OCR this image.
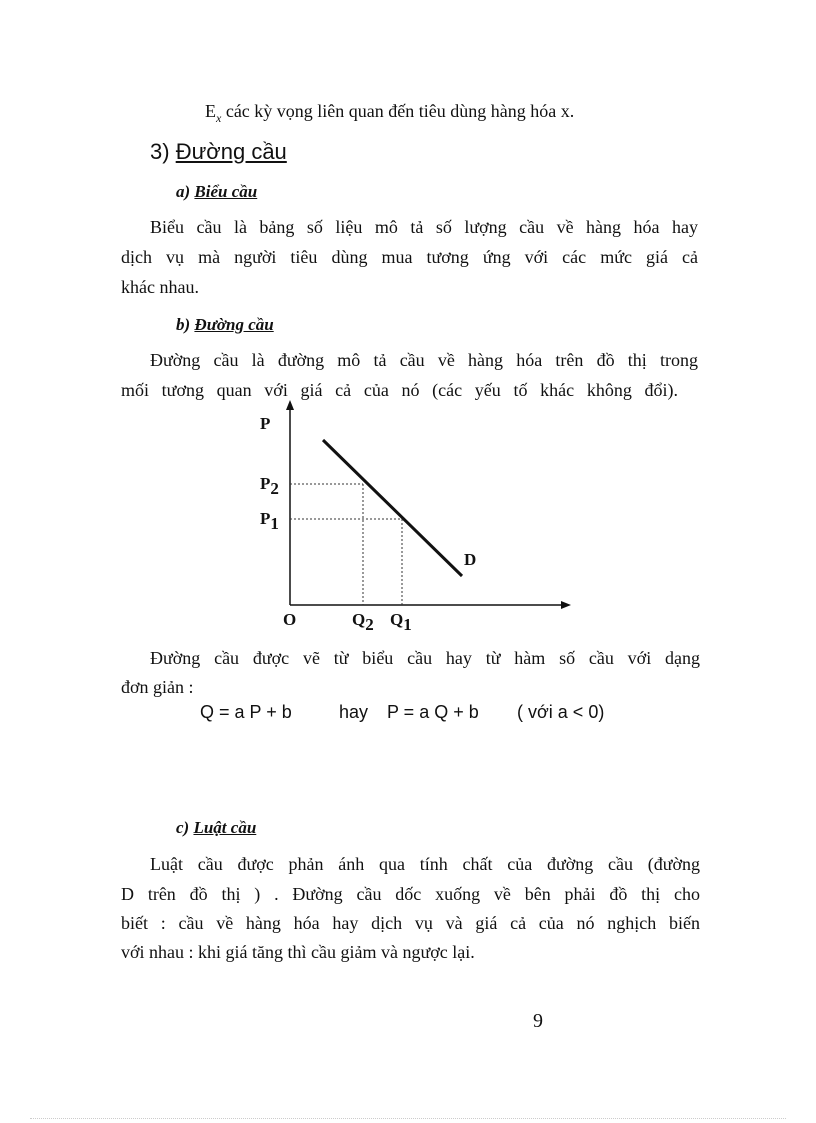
$E_x$ các kỳ vọng liên quan đến tiêu dùng hàng hóa x.
3) Đường cầu
a) Biểu cầu
Biểu cầu là bảng số liệu mô tả số lượng cầu về hàng hóa hay
dịch vụ mà người tiêu dùng mua tương ứng với các mức giá cả
khác nhau.
b) Đường cầu
Đường cầu là đường mô tả cầu về hàng hóa trên đồ thị trong
mối tương quan với giá cả của nó (các yếu tố khác không đổi).
P
P2
P1
D
O	Q2 Q1
Đường cầu được vẽ từ biểu cầu hay từ hàm số cầu với dạng
đơn giản :
Q = a P + b	hay P = a Q + b ( với a < 0)
c) Luật cầu
Luật cầu được phản ánh qua tính chất của đường cầu (đường
D trên đồ thị ) . Đường cầu dốc xuống về bên phải đồ thị cho
biết : cầu về hàng hóa hay dịch vụ và giá cả của nó nghịch biến
với nhau : khi giá tăng thì cầu giảm và ngược lại.
9
